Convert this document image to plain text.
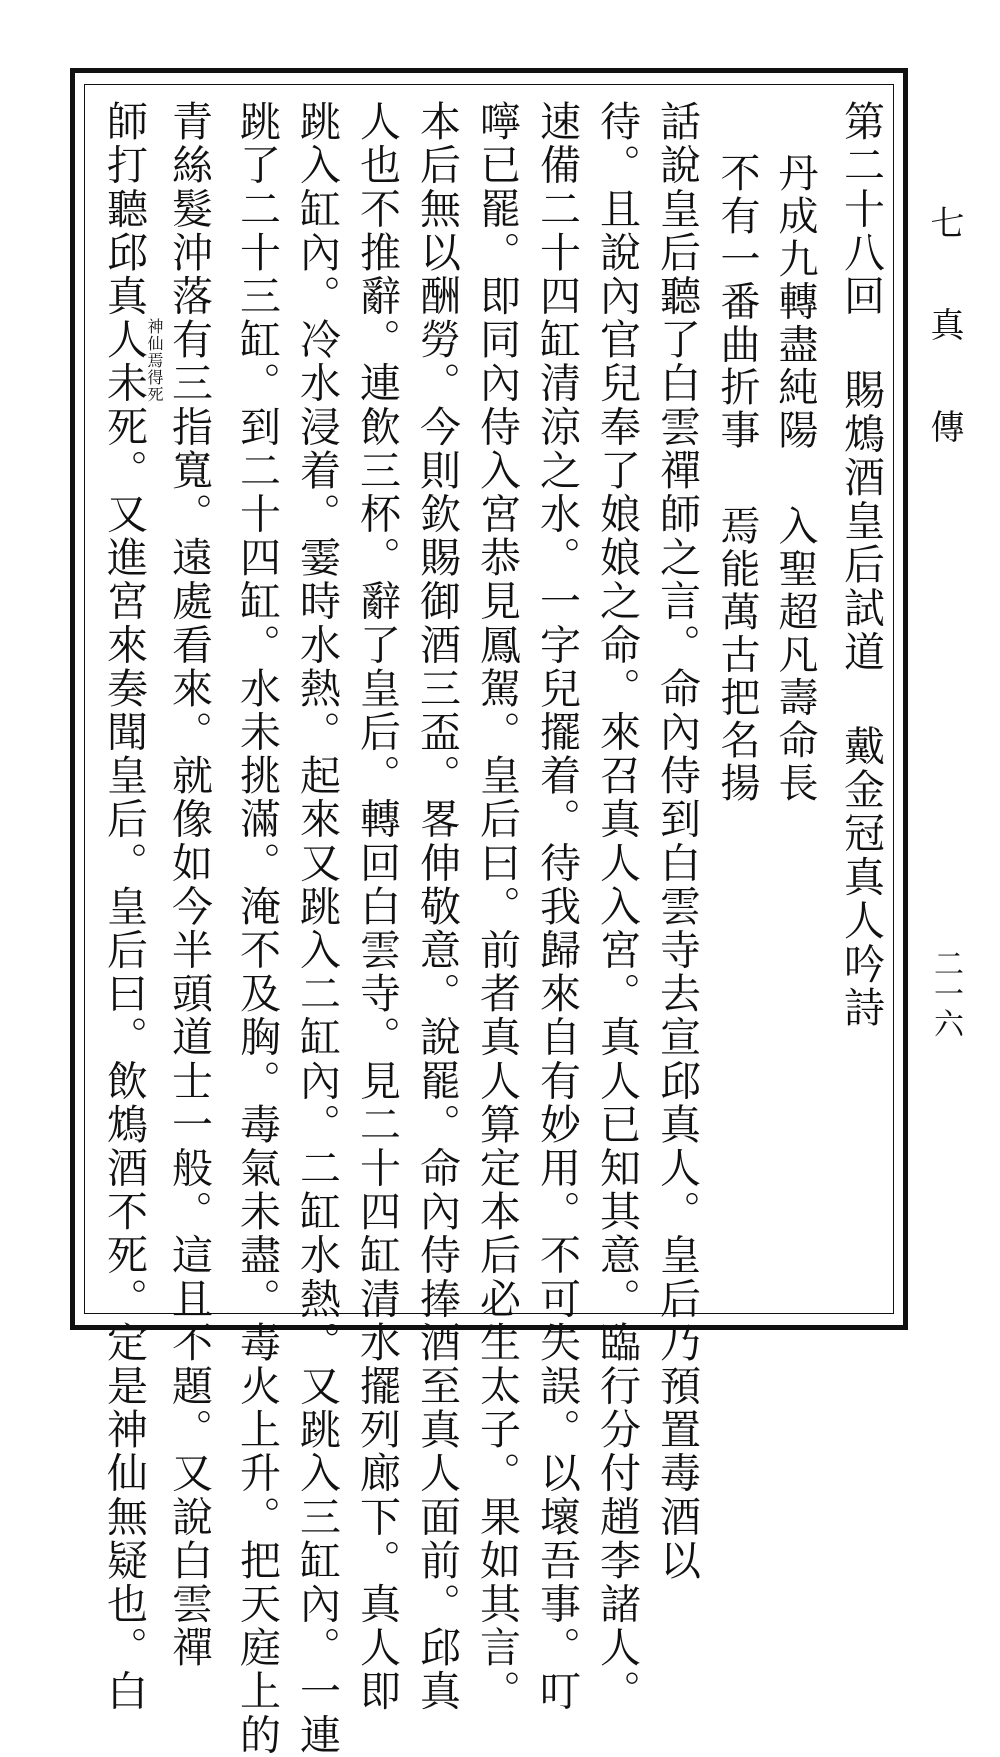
七真傳
二一六
第二十八回 賜鴆酒皇后試道 戴金冠真人吟詩
丹成九轉盡純陽
入聖超凡壽命長
不有一番曲折事
焉能萬古把名揚
話說皇后聽了白雲禪師之言。命內侍到白雲寺去宣邱真人。皇后乃預置毒酒以
待。且說內官兒奉了娘娘之命。來召真人入宮。真人已知其意。臨行分付趙李諸人。
速備二十四缸清涼之水。一字兒擺着。待我歸來自有妙用。不可失誤。以壞吾事。叮
嚀已罷。即同內侍入宮恭見鳳駕。皇后曰。前者真人算定本后必生太子。果如其言。
本后無以酬勞。今則欽賜御酒三盃。畧伸敬意。說罷。命內侍捧酒至真人面前。邱真
人也不推辭。連飲三杯。辭了皇后。轉回白雲寺。見二十四缸清水擺列廊下。真人即
跳入缸內。冷水浸着。霎時水熱。起來又跳入二缸內。二缸水熱。又跳入三缸內。一連
跳了二十三缸。到二十四缸。水未挑滿。淹不及胸。毒氣未盡。毒火上升。把天庭上的
青絲髮沖落有三指寬。遠處看來。就像如今半頭道士一般。這且不題。又說白雲禪
師打聽邱真人未死。又進宮來奏聞皇后。皇后曰。飲鴆酒不死。定是神仙無疑也。白
神仙焉得死
